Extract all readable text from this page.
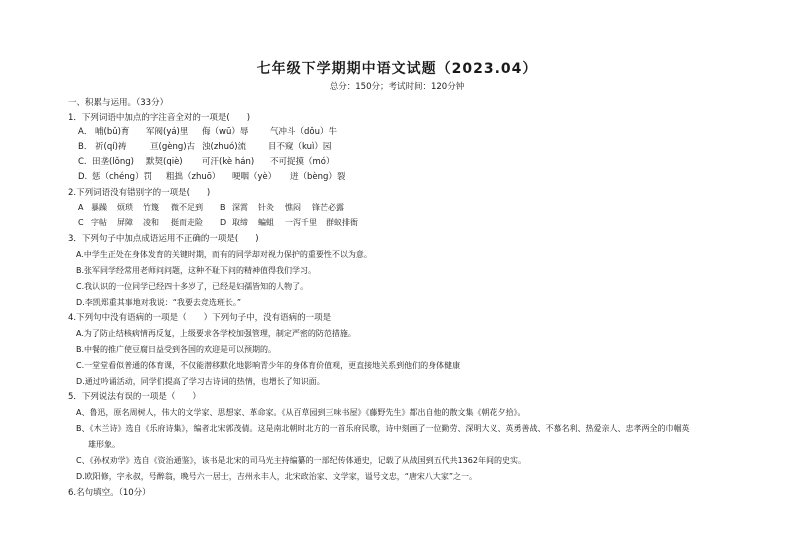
七年级下学期期中语文试题（2023.04）
总分：150分；考试时间：120分钟
一、积累与运用。（33分）
1．下列词语中加点的字注音全对的一项是(　　)
A． 哺(bǔ)育 军阀(yá)里 侮（wū）辱	气冲斗（dǒu）牛
B． 祈(qí)祷	亘(gèng)古 浊(zhuó)流	目不窥（kuì）园
C. 田垄(lǒng) 默契(qiè) 可汗(kè hán) 不可捉摸（mó）
D. 惩（chéng）罚 粗拙（zhuō） 哽咽（yè） 迸（bèng）裂
2.下列词语没有错别字的一项是(　　)
A 暴躁 烦琐 竹篾 微不足到 B 深霄 针灸 憔闷 锋芒必露
C 字帖 屏障 凌和 挺而走险 D 取缔 蝙蛆 一泻千里 群蚁排衙
3．下列句子中加点成语运用不正确的一项是(　　)
A.中学生正处在身体发育的关键时期，而有的同学却对视力保护的重要性不以为意。
B.张军同学经常用老师问问题，这种不耻下问的精神值得我们学习。
C.我认识的一位同学已经四十多岁了，已经是妇孺皆知的人物了。
D.李凯郑重其事地对我说：“我要去竞选班长。”
4.下列句中没有语病的一项是（　　）下列句子中，没有语病的一项是
A.为了防止结核病情再反复，上级要求各学校加强管理，制定严密的防范措施。
B.中餐的推广使豆腐日益受到各国的欢迎是可以预期的。
C.一堂堂看似普通的体育课，不仅能潜移默化地影响青少年的身体育价值观，更直接地关系到他们的身体健康
D.通过吟诵活动，同学们提高了学习古诗词的热情，也增长了知识面。
5．下列说法有误的一项是（　　）
A、鲁迅，原名周树人，伟大的文学家、思想家、革命家。《从百草园到三味书屋》《藤野先生》都出自他的散文集《朝花夕拾》。
B、《木兰诗》选自《乐府诗集》，编者北宋郭茂倩。这是南北朝时北方的一首乐府民歌，诗中刻画了一位勤劳、深明大义、英勇善战、不慕名利、热爱亲人、忠孝两全的巾帼英
雄形象。
C、《孙权劝学》选自《资治通鉴》，该书是北宋的司马光主持编纂的一部纪传体通史，记载了从战国到五代共1362年间的史实。
D.欧阳修，字永叔，号醉翁，晚号六一居士，吉州永丰人，北宋政治家、文学家，谥号文忠，“唐宋八大家”之一。
6.名句填空。（10分）
